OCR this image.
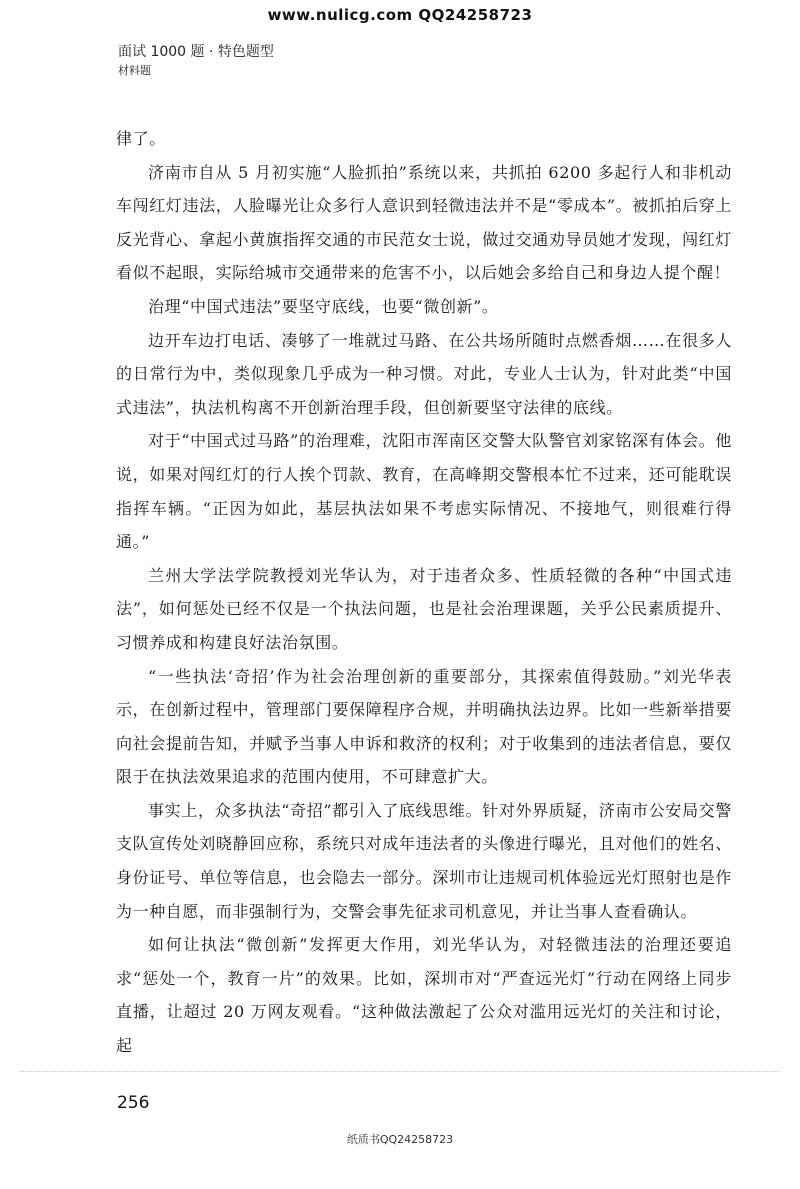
www.nulicg.com QQ24258723
面试 1000 题 · 特色题型
材料题

律了。

济南市自从 5 月初实施“人脸抓拍”系统以来，共抓拍 6200 多起行人和非机动车闯红灯违法，人脸曝光让众多行人意识到轻微违法并不是“零成本”。被抓拍后穿上反光背心、拿起小黄旗指挥交通的市民范女士说，做过交通劝导员她才发现，闯红灯看似不起眼，实际给城市交通带来的危害不小，以后她会多给自己和身边人提个醒！

治理“中国式违法”要坚守底线，也要“微创新”。

边开车边打电话、凑够了一堆就过马路、在公共场所随时点燃香烟……在很多人的日常行为中，类似现象几乎成为一种习惯。对此，专业人士认为，针对此类“中国式违法”，执法机构离不开创新治理手段，但创新要坚守法律的底线。

对于“中国式过马路”的治理难，沈阳市浑南区交警大队警官刘家铭深有体会。他说，如果对闯红灯的行人挨个罚款、教育，在高峰期交警根本忙不过来，还可能耽误指挥车辆。“正因为如此，基层执法如果不考虑实际情况、不接地气，则很难行得通。”

兰州大学法学院教授刘光华认为，对于违者众多、性质轻微的各种“中国式违法”，如何惩处已经不仅是一个执法问题，也是社会治理课题，关乎公民素质提升、习惯养成和构建良好法治氛围。

“一些执法‘奇招’作为社会治理创新的重要部分，其探索值得鼓励。”刘光华表示，在创新过程中，管理部门要保障程序合规，并明确执法边界。比如一些新举措要向社会提前告知，并赋予当事人申诉和救济的权利；对于收集到的违法者信息，要仅限于在执法效果追求的范围内使用，不可肆意扩大。

事实上，众多执法“奇招”都引入了底线思维。针对外界质疑，济南市公安局交警支队宣传处刘晓静回应称，系统只对成年违法者的头像进行曝光，且对他们的姓名、身份证号、单位等信息，也会隐去一部分。深圳市让违规司机体验远光灯照射也是作为一种自愿，而非强制行为，交警会事先征求司机意见，并让当事人查看确认。

如何让执法“微创新”发挥更大作用，刘光华认为，对轻微违法的治理还要追求“惩处一个，教育一片”的效果。比如，深圳市对“严查远光灯”行动在网络上同步直播，让超过 20 万网友观看。“这种做法激起了公众对滥用远光灯的关注和讨论，起

256
纸质书QQ24258723
